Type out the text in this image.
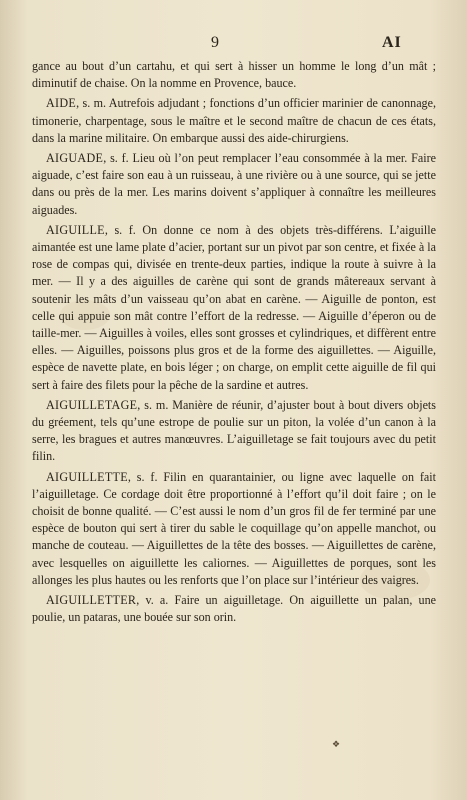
9	AI

gance au bout d’un cartahu, et qui sert à hisser un homme le long d’un mât ; diminutif de chaise. On la nomme en Provence, bauce.

AIDE, s. m. Autrefois adjudant ; fonctions d’un officier marinier de canonnage, timonerie, charpentage, sous le maître et le second maître de chacun de ces états, dans la marine militaire. On embarque aussi des aide-chirurgiens.

AIGUADE, s. f. Lieu où l’on peut remplacer l’eau consommée à la mer. Faire aiguade, c’est faire son eau à un ruisseau, à une rivière ou à une source, qui se jette dans ou près de la mer. Les marins doivent s’appliquer à connaître les meilleures aiguades.

AIGUILLE, s. f. On donne ce nom à des objets très-différens. L’aiguille aimantée est une lame plate d’acier, portant sur un pivot par son centre, et fixée à la rose de compas qui, divisée en trente-deux parties, indique la route à suivre à la mer. — Il y a des aiguilles de carène qui sont de grands mâtereaux servant à soutenir les mâts d’un vaisseau qu’on abat en carène. — Aiguille de ponton, est celle qui appuie son mât contre l’effort de la redresse. — Aiguille d’éperon ou de taille-mer. — Aiguilles à voiles, elles sont grosses et cylindriques, et diffèrent entre elles. — Aiguilles, poissons plus gros et de la forme des aiguillettes. — Aiguille, espèce de navette plate, en bois léger ; on charge, on emplit cette aiguille de fil qui sert à faire des filets pour la pêche de la sardine et autres.

AIGUILLETAGE, s. m. Manière de réunir, d’ajuster bout à bout divers objets du gréement, tels qu’une estrope de poulie sur un piton, la volée d’un canon à la serre, les bragues et autres manœuvres. L’aiguilletage se fait toujours avec du petit filin.

AIGUILLETTE, s. f. Filin en quarantainier, ou ligne avec laquelle on fait l’aiguilletage. Ce cordage doit être proportionné à l’effort qu’il doit faire ; on le choisit de bonne qualité. — C’est aussi le nom d’un gros fil de fer terminé par une espèce de bouton qui sert à tirer du sable le coquillage qu’on appelle manchot, ou manche de couteau. — Aiguillettes de la tête des bosses. — Aiguillettes de carène, avec lesquelles on aiguillette les caliornes. — Aiguillettes de porques, sont les allonges les plus hautes ou les renforts que l’on place sur l’intérieur des vaigres.

AIGUILLETTER, v. a. Faire un aiguilletage. On aiguillette un palan, une poulie, un pataras, une bouée sur son orin.

❖
